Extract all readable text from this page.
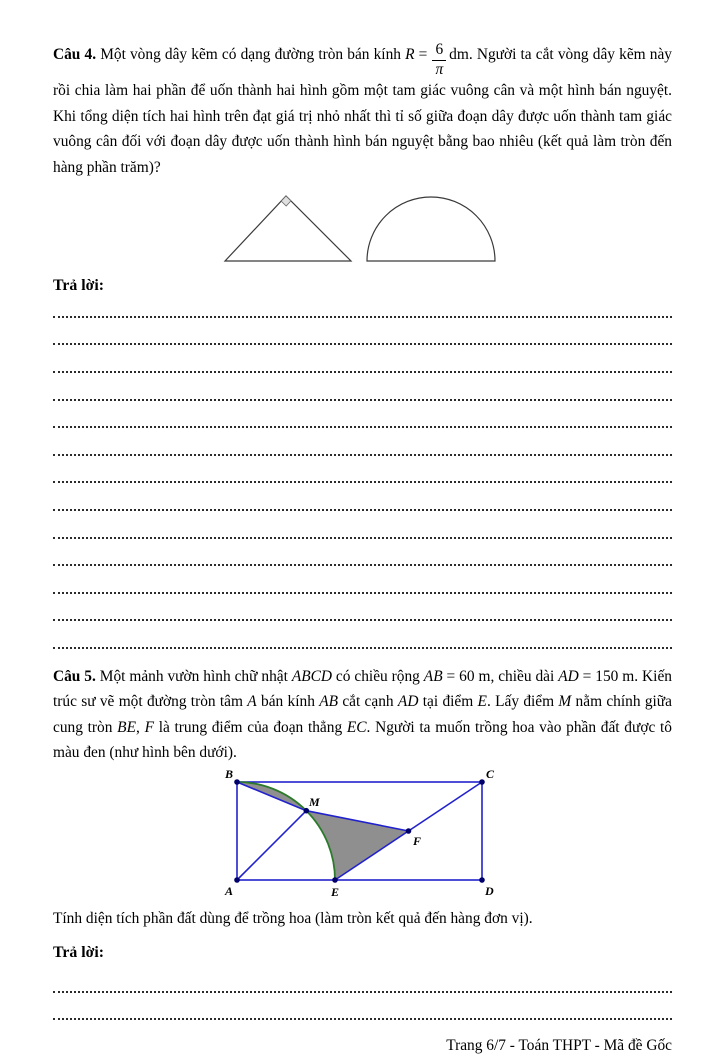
Câu 4. Một vòng dây kẽm có dạng đường tròn bán kính $R = \frac{6}{\pi}$ dm. Người ta cắt vòng dây kẽm này rồi chia làm hai phần để uốn thành hai hình gồm một tam giác vuông cân và một hình bán nguyệt. Khi tổng diện tích hai hình trên đạt giá trị nhỏ nhất thì tỉ số giữa đoạn dây được uốn thành tam giác vuông cân đối với đoạn dây được uốn thành hình bán nguyệt bằng bao nhiêu (kết quả làm tròn đến hàng phần trăm)?

Trả lời:

Câu 5. Một mảnh vườn hình chữ nhật ABCD có chiều rộng AB = 60 m, chiều dài AD = 150 m. Kiến trúc sư vẽ một đường tròn tâm A bán kính AB cắt cạnh AD tại điểm E. Lấy điểm M nằm chính giữa cung tròn BE, F là trung điểm của đoạn thẳng EC. Người ta muốn trồng hoa vào phần đất được tô màu đen (như hình bên dưới).

B	C
A	D
E
M
F

Tính diện tích phần đất dùng để trồng hoa (làm tròn kết quả đến hàng đơn vị).

Trả lời:
Trang 6/7 - Toán THPT - Mã đề Gốc
